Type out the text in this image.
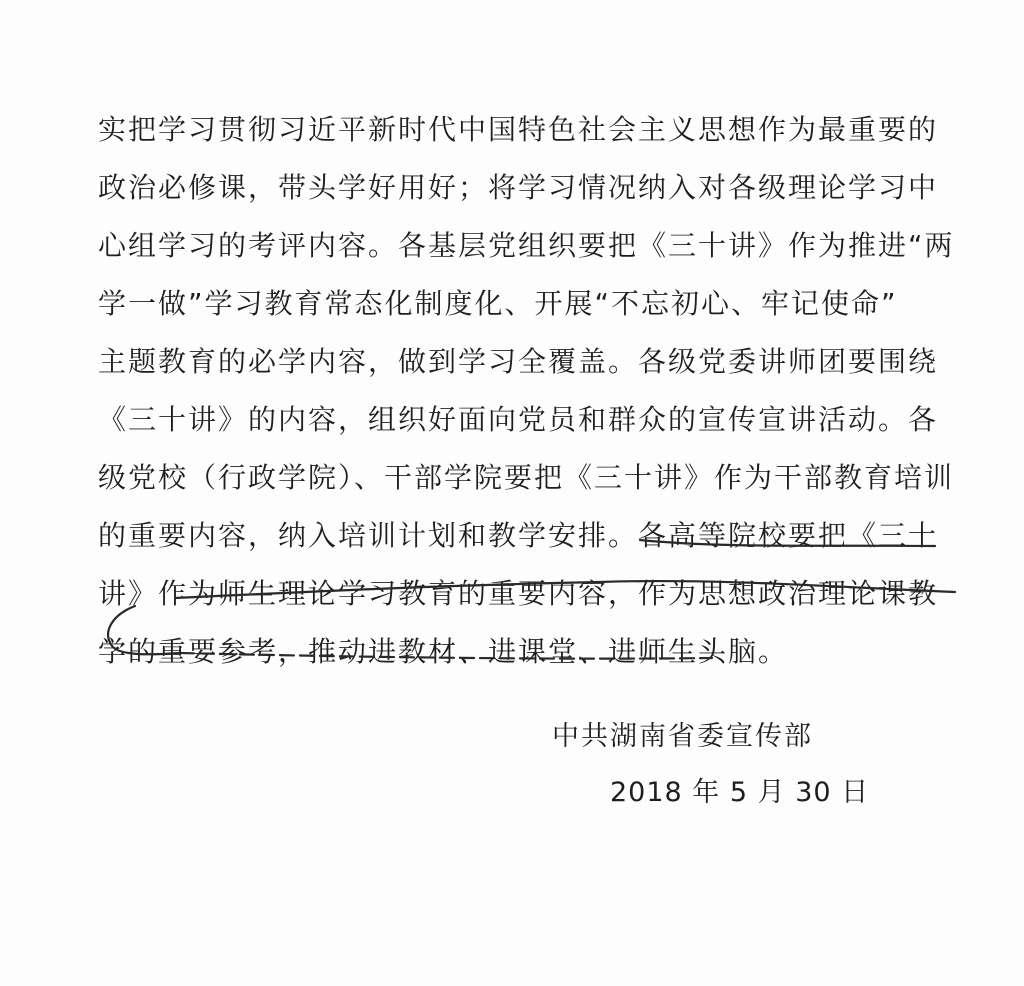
实把学习贯彻习近平新时代中国特色社会主义思想作为最重要的
政治必修课，带头学好用好；将学习情况纳入对各级理论学习中
心组学习的考评内容。各基层党组织要把《三十讲》作为推进“两
学一做”学习教育常态化制度化、开展“不忘初心、牢记使命”
主题教育的必学内容，做到学习全覆盖。各级党委讲师团要围绕
《三十讲》的内容，组织好面向党员和群众的宣传宣讲活动。各
级党校（行政学院）、干部学院要把《三十讲》作为干部教育培训
的重要内容，纳入培训计划和教学安排。各高等院校要把《三十
讲》作为师生理论学习教育的重要内容，作为思想政治理论课教
学的重要参考，推动进教材、进课堂、进师生头脑。
中共湖南省委宣传部
2018 年 5 月 30 日
